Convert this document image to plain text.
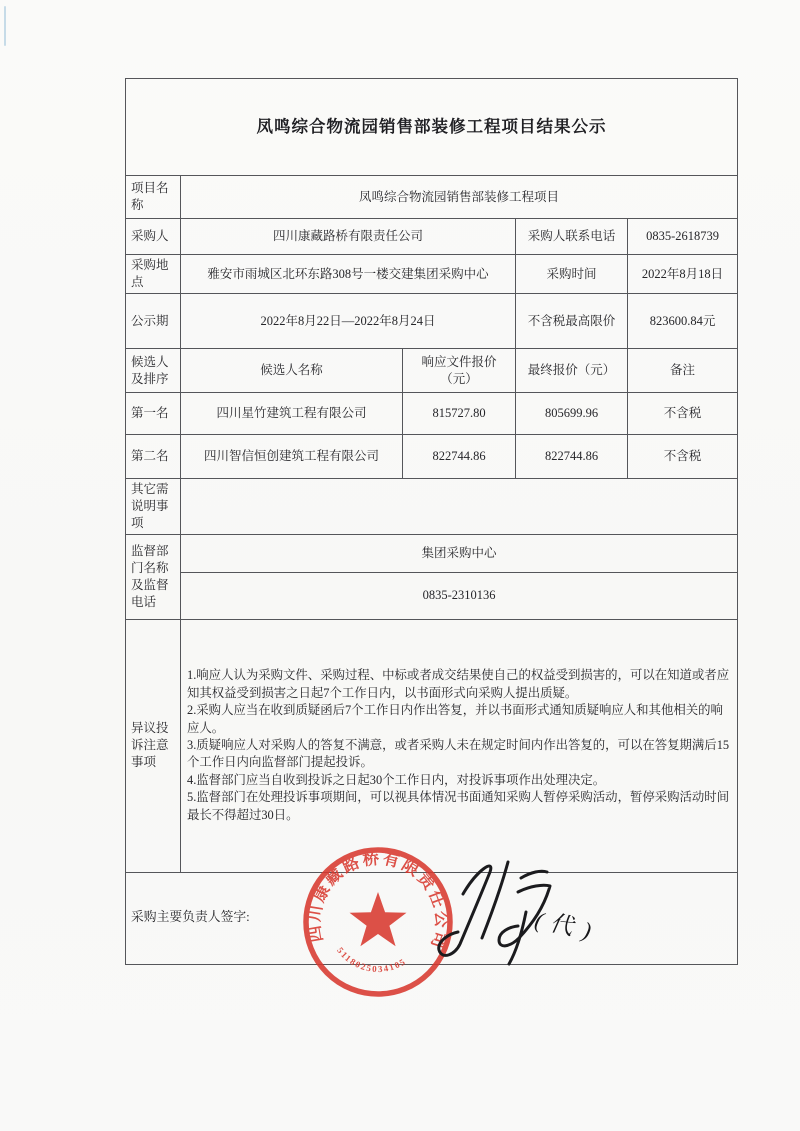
凤鸣综合物流园销售部装修工程项目结果公示				
项目名称	凤鸣综合物流园销售部装修工程项目			
采购人	四川康藏路桥有限责任公司		采购人联系电话	0835-2618739
采购地点	雅安市雨城区北环东路308号一楼交建集团采购中心		采购时间	2022年8月18日
公示期	2022年8月22日—2022年8月24日		不含税最高限价	823600.84元
候选人及排序	候选人名称	响应文件报价（元）	最终报价（元）	备注
第一名	四川星竹建筑工程有限公司	815727.80	805699.96	不含税
第二名	四川智信恒创建筑工程有限公司	822744.86	822744.86	不含税
其它需说明事项				
监督部门名称及监督电话	集团采购中心			
	0835-2310136			
异议投诉注意事项	1.响应人认为采购文件、采购过程、中标或者成交结果使自己的权益受到损害的，可以在知道或者应知其权益受到损害之日起7个工作日内，以书面形式向采购人提出质疑。
2.采购人应当在收到质疑函后7个工作日内作出答复，并以书面形式通知质疑响应人和其他相关的响应人。
3.质疑响应人对采购人的答复不满意，或者采购人未在规定时间内作出答复的，可以在答复期满后15个工作日内向监督部门提起投诉。
4.监督部门应当自收到投诉之日起30个工作日内，对投诉事项作出处理决定。
5.监督部门在处理投诉事项期间，可以视具体情况书面通知采购人暂停采购活动，暂停采购活动时间最长不得超过30日。			

采购主要负责人签字:				
四川康藏路桥有限责任公司
5118025034105
(代)
